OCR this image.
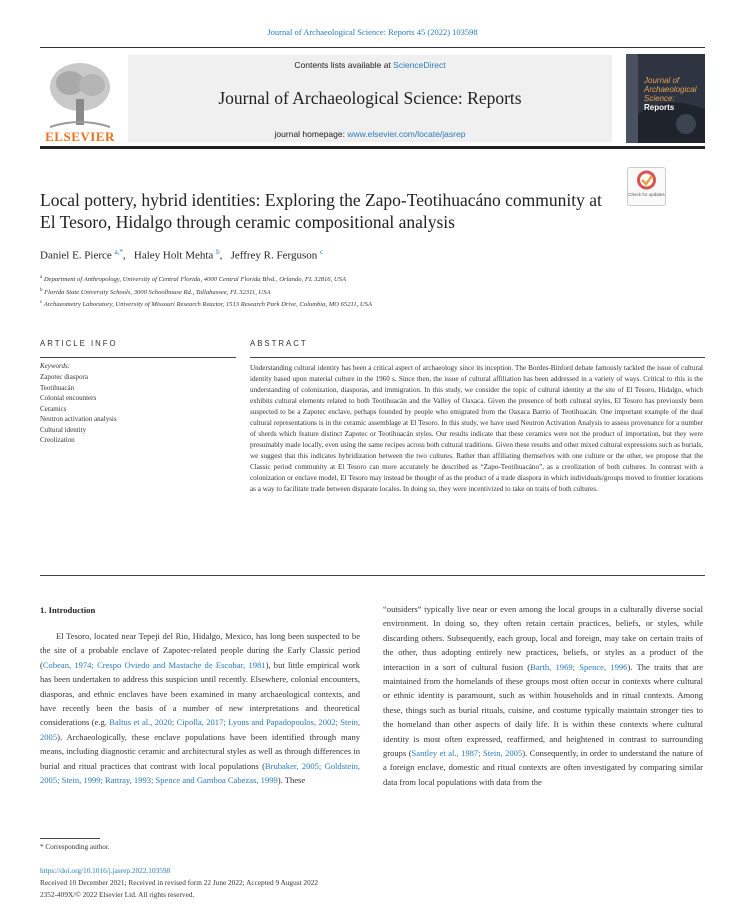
Journal of Archaeological Science: Reports 45 (2022) 103598
ELSEVIER
Contents lists available at ScienceDirect
Journal of Archaeological Science: Reports
journal homepage: www.elsevier.com/locate/jasrep
Journal of
Archaeological
Science:
Reports
Check for updates
Local pottery, hybrid identities: Exploring the Zapo-Teotihuacáno community at El Tesoro, Hidalgo through ceramic compositional analysis
Daniel E. Pierce $^{a,*}$,   Haley Holt Mehta $^b$,   Jeffrey R. Ferguson $^c$
$^a$ Department of Anthropology, University of Central Florida, 4000 Central Florida Blvd., Orlando, FL 32816, USA
$^b$ Florida State University Schools, 3000 Schoolhouse Rd., Tallahassee, FL 32311, USA
$^c$ Archaeometry Laboratory, University of Missouri Research Reactor, 1513 Research Park Drive, Columbia, MO 65211, USA
ARTICLE INFO	ABSTRACT
Keywords:
Zapotec diaspora
Teotihuacán
Colonial encounters
Ceramics
Neutron activation analysis
Cultural identity
Creolization
Understanding cultural identity has been a critical aspect of archaeology since its inception. The Bordes-Binford debate famously tackled the issue of cultural identity based upon material culture in the 1960 s. Since then, the issue of cultural affiliation has been addressed in a variety of ways. Critical to this is the understanding of colonization, diasporas, and immigration. In this study, we consider the topic of cultural identity at the site of El Tesoro, Hidalgo, which exhibits cultural elements related to both Teotihuacán and the Valley of Oaxaca. Given the presence of both cultural styles, El Tesoro has previously been suspected to be a Zapotec enclave, perhaps founded by people who emigrated from the Oaxaca Barrio of Teotihuacán. One important example of the dual cultural representations is in the ceramic assemblage at El Tesoro. In this study, we have used Neutron Activation Analysis to assess provenance for a number of sherds which feature distinct Zapotec or Teotihuacán styles. Our results indicate that these ceramics were not the product of importation, but they were presumably made locally, even using the same recipes across both cultural traditions. Given these results and other mixed cultural expressions such as burials, we suggest that this indicates hybridization between the two cultures. Rather than affiliating themselves with one culture or the other, we propose that the Classic period community at El Tesoro can more accurately be described as “Zapo-Teotihuacáno”, as a creolization of both cultures. In contrast with a colonization or enclave model, El Tesoro may instead be thought of as the product of a trade diaspora in which individuals/groups moved to frontier locations as a way to facilitate trade between disparate locales. In doing so, they were incentivized to take on traits of both cultures.
1. Introduction
El Tesoro, located near Tepeji del Rio, Hidalgo, Mexico, has long been suspected to be the site of a probable enclave of Zapotec-related people during the Early Classic period (Cobean, 1974; Crespo Oviedo and Mastache de Escobar, 1981), but little empirical work has been undertaken to address this suspicion until recently. Elsewhere, colonial encounters, diasporas, and ethnic enclaves have been examined in many archaeological contexts, and have recently been the basis of a number of new interpretations and theoretical considerations (e.g. Baltus et al., 2020; Cipolla, 2017; Lyons and Papadopoulos, 2002; Stein, 2005). Archaeologically, these enclave populations have been identified through many means, including diagnostic ceramic and architectural styles as well as through differences in burial and ritual practices that contrast with local populations (Brubaker, 2005; Goldstein, 2005; Stein, 1999; Rattray, 1993; Spence and Gamboa Cabezas, 1999). These
“outsiders” typically live near or even among the local groups in a culturally diverse social environment. In doing so, they often retain certain practices, beliefs, or styles, while discarding others. Subsequently, each group, local and foreign, may take on certain traits of the other, thus adopting entirely new practices, beliefs, or styles as a product of the interaction in a sort of cultural fusion (Barth, 1969; Spence, 1996). The traits that are maintained from the homelands of these groups most often occur in contexts where cultural or ethnic identity is paramount, such as within households and in ritual contexts. Among these, things such as burial rituals, cuisine, and costume typically maintain stronger ties to the homeland than other aspects of daily life. It is within these contexts where cultural identity is most often expressed, reaffirmed, and heightened in contrast to surrounding groups (Santley et al., 1987; Stein, 2005). Consequently, in order to understand the nature of a foreign enclave, domestic and ritual contexts are often investigated by comparing similar data from local populations with data from the
* Corresponding author.
https://doi.org/10.1016/j.jasrep.2022.103598
Received 10 December 2021; Received in revised form 22 June 2022; Accepted 9 August 2022
2352-409X/© 2022 Elsevier Ltd. All rights reserved.
